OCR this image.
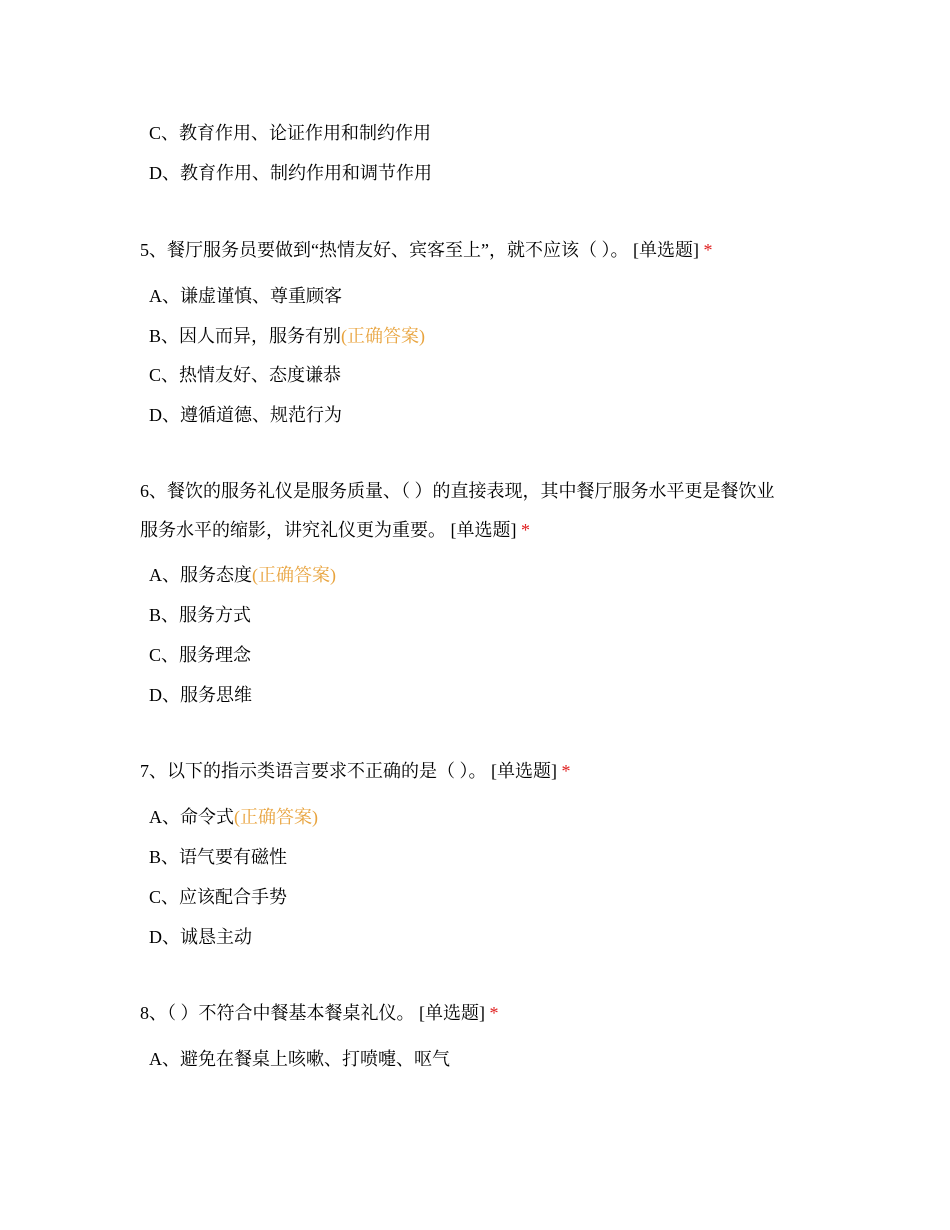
C、教育作用、论证作用和制约作用
D、教育作用、制约作用和调节作用
5、餐厅服务员要做到“热情友好、宾客至上”，就不应该（ ）。 [单选题] *
A、谦虚谨慎、尊重顾客
B、因人而异，服务有别(正确答案)
C、热情友好、态度谦恭
D、遵循道德、规范行为
6、餐饮的服务礼仪是服务质量、（ ）的直接表现，其中餐厅服务水平更是餐饮业
服务水平的缩影，讲究礼仪更为重要。 [单选题] *
A、服务态度(正确答案)
B、服务方式
C、服务理念
D、服务思维
7、以下的指示类语言要求不正确的是（ ）。 [单选题] *
A、命令式(正确答案)
B、语气要有磁性
C、应该配合手势
D、诚恳主动
8、（ ）不符合中餐基本餐桌礼仪。 [单选题] *
A、避免在餐桌上咳嗽、打喷嚏、呕气
